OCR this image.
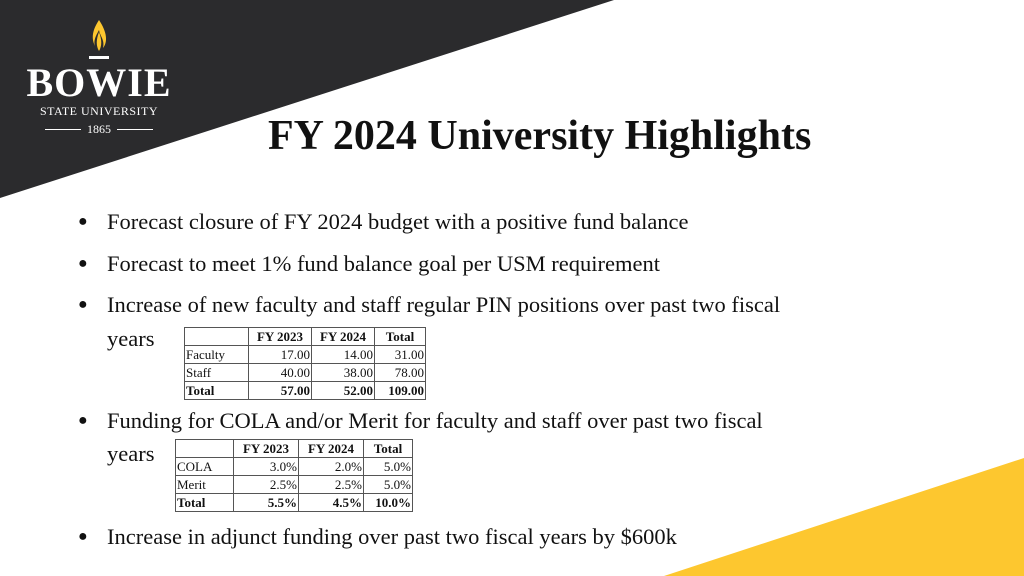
BOWIE
STATE UNIVERSITY
1865	FY 2024 University Highlights
● Forecast closure of FY 2024 budget with a positive fund balance
● Forecast to meet 1% fund balance goal per USM requirement
● Increase of new faculty and staff regular PIN positions over past two fiscal
years
● Funding for COLA and/or Merit for faculty and staff over past two fiscal
years
● Increase in adjunct funding over past two fiscal years by $600k
	FY 2023	FY 2024	Total
Faculty	17.00	14.00	31.00
Staff	40.00	38.00	78.00
Total	57.00	52.00	109.00
	FY 2023	FY 2024	Total
COLA	3.0%	2.0%	5.0%
Merit	2.5%	2.5%	5.0%
Total	5.5%	4.5%	10.0%
